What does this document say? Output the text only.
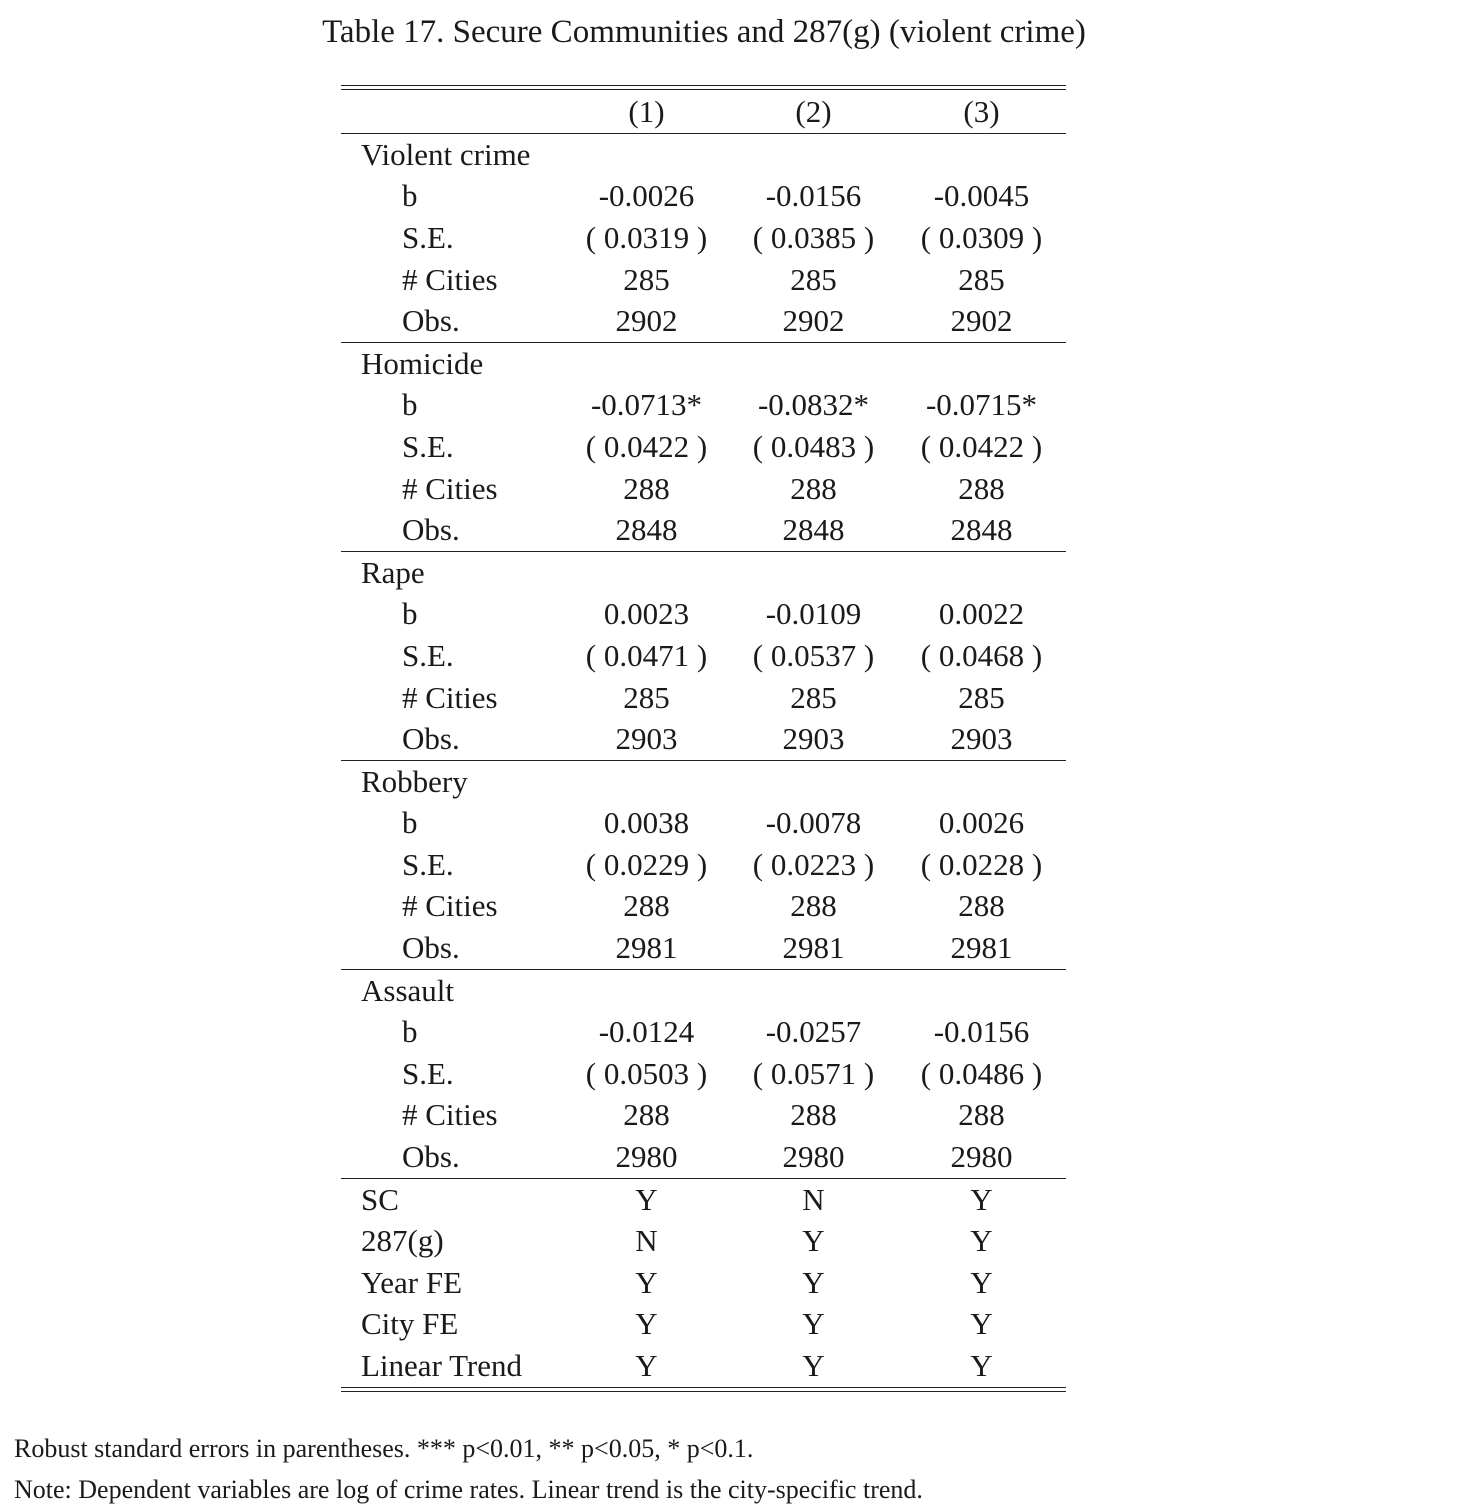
Table 17. Secure Communities and 287(g) (violent crime)
(1)	(2)	(3)
Violent crime
b	-0.0026	-0.0156	-0.0045
S.E.	( 0.0319 )	( 0.0385 )	( 0.0309 )
# Cities	285	285	285
Obs.	2902	2902	2902
Homicide
b	-0.0713*	-0.0832*	-0.0715*
S.E.	( 0.0422 )	( 0.0483 )	( 0.0422 )
# Cities	288	288	288
Obs.	2848	2848	2848
Rape
b	0.0023	-0.0109	0.0022
S.E.	( 0.0471 )	( 0.0537 )	( 0.0468 )
# Cities	285	285	285
Obs.	2903	2903	2903
Robbery
b	0.0038	-0.0078	0.0026
S.E.	( 0.0229 )	( 0.0223 )	( 0.0228 )
# Cities	288	288	288
Obs.	2981	2981	2981
Assault
b	-0.0124	-0.0257	-0.0156
S.E.	( 0.0503 )	( 0.0571 )	( 0.0486 )
# Cities	288	288	288
Obs.	2980	2980	2980
SC	Y	N	Y
287(g)	N	Y	Y
Year FE	Y	Y	Y
City FE	Y	Y	Y
Linear Trend	Y	Y	Y

Robust standard errors in parentheses. *** p<0.01, ** p<0.05, * p<0.1.

Note: Dependent variables are log of crime rates. Linear trend is the city-specific trend.
